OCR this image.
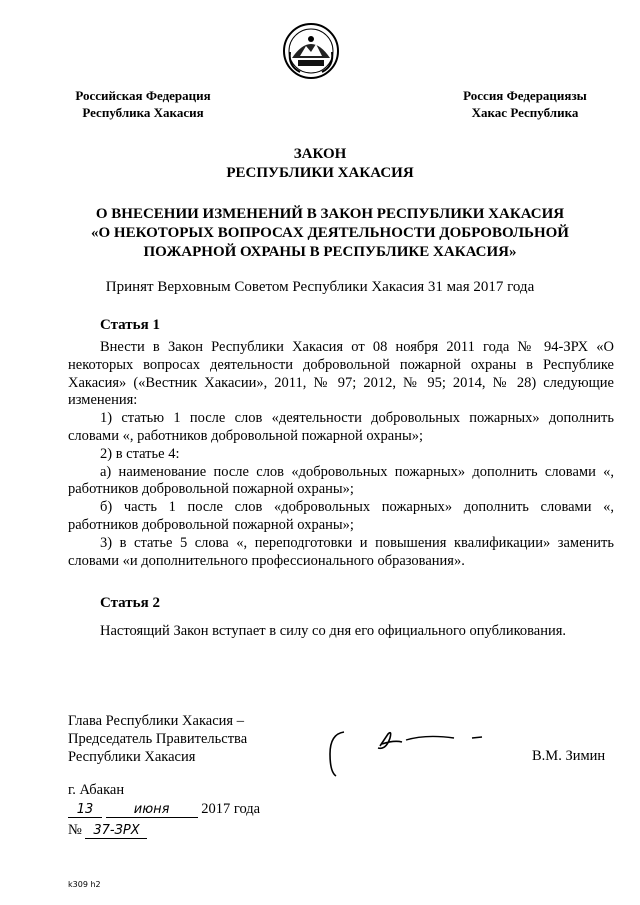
Российская Федерация
Республика Хакасия
Россия Федерациязы
Хакас Республика
ЗАКОН
РЕСПУБЛИКИ ХАКАСИЯ
О ВНЕСЕНИИ ИЗМЕНЕНИЙ В ЗАКОН РЕСПУБЛИКИ ХАКАСИЯ
«О НЕКОТОРЫХ ВОПРОСАХ ДЕЯТЕЛЬНОСТИ ДОБРОВОЛЬНОЙ
ПОЖАРНОЙ ОХРАНЫ В РЕСПУБЛИКЕ ХАКАСИЯ»
Принят Верховным Советом Республики Хакасия 31 мая 2017 года
Статья 1

Внести в Закон Республики Хакасия от 08 ноября 2011 года № 94-ЗРХ «О некоторых вопросах деятельности добровольной пожарной охраны в Республике Хакасия» («Вестник Хакасии», 2011, № 97; 2012, № 95; 2014, № 28) следующие изменения:

1) статью 1 после слов «деятельности добровольных пожарных» дополнить словами «, работников добровольной пожарной охраны»;

2) в статье 4:

а) наименование после слов «добровольных пожарных» дополнить словами «, работников добровольной пожарной охраны»;

б) часть 1 после слов «добровольных пожарных» дополнить словами «, работников добровольной пожарной охраны»;

3) в статье 5 слова «, переподготовки и повышения квалификации» заменить словами «и дополнительного профессионального образования».

Статья 2
Настоящий Закон вступает в силу со дня его официального опубликования.
Глава Республики Хакасия –
Председатель Правительства
Республики Хакасия	В.М. Зимин
г. Абакан
13	июня 2017 года
№ 37-ЗРХ
k309 h2
